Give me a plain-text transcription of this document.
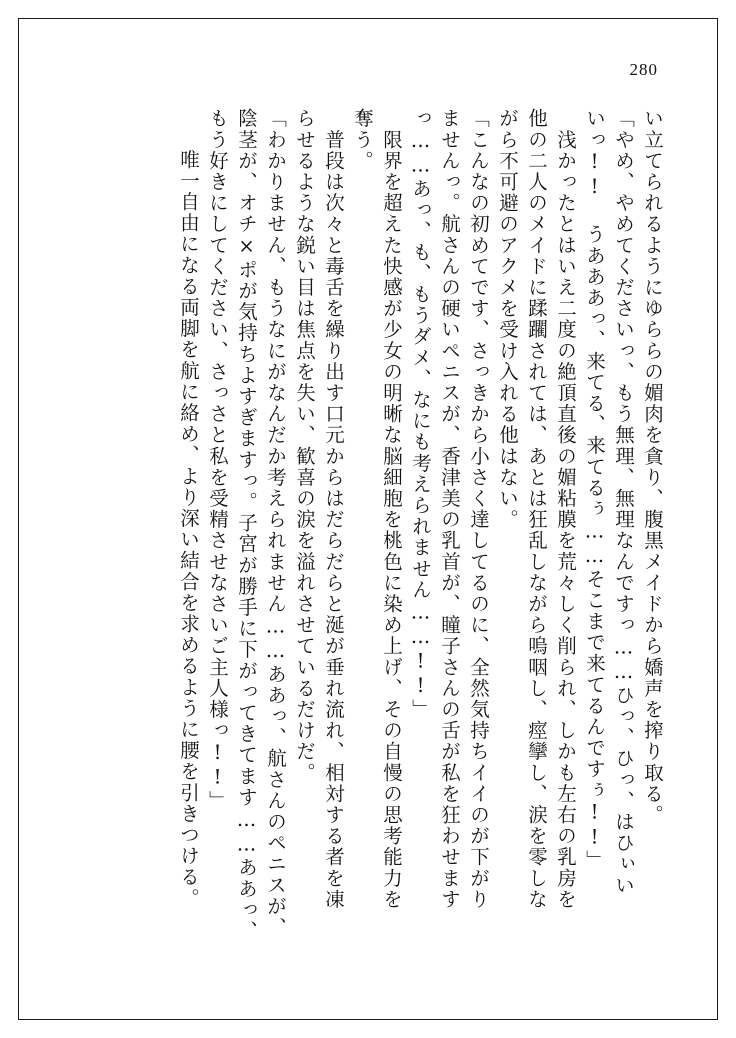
280
い立てられるようにゆららの媚肉を貪り、腹黒メイドから嬌声を搾り取る。
「やめ、やめてくださいっ、もう無理、無理なんですっ……ひっ、ひっ、はひぃい
いっ!! うあああっ、来てる、来てるぅ……そこまで来てるんですぅ!!」
　浅かったとはいえ二度の絶頂直後の媚粘膜を荒々しく削られ、しかも左右の乳房を
他の二人のメイドに蹂躙されては、あとは狂乱しながら嗚咽し、痙攣し、涙を零しな
がら不可避のアクメを受け入れる他はない。
「こんなの初めてです、さっきから小さく達してるのに、全然気持ちイイのが下がり
ませんっ。航さんの硬いペニスが、香津美の乳首が、瞳子さんの舌が私を狂わせます
っ……あっ、も、もうダメ、なにも考えられません……!!」
　限界を超えた快感が少女の明晰な脳細胞を桃色に染め上げ、その自慢の思考能力を
奪う。
　普段は次々と毒舌を繰り出す口元からはだらだらと涎が垂れ流れ、相対する者を凍
らせるような鋭い目は焦点を失い、歓喜の涙を溢れさせているだけだ。
「わかりません、もうなにがなんだか考えられません……ああっ、航さんのペニスが、
陰茎が、オチ×ポが気持ちよすぎますっ。子宮が勝手に下がってきてます……ああっ、
もう好きにしてください、さっさと私を受精させなさいご主人様っ!!」
　唯一自由になる両脚を航に絡め、より深い結合を求めるように腰を引きつける。
